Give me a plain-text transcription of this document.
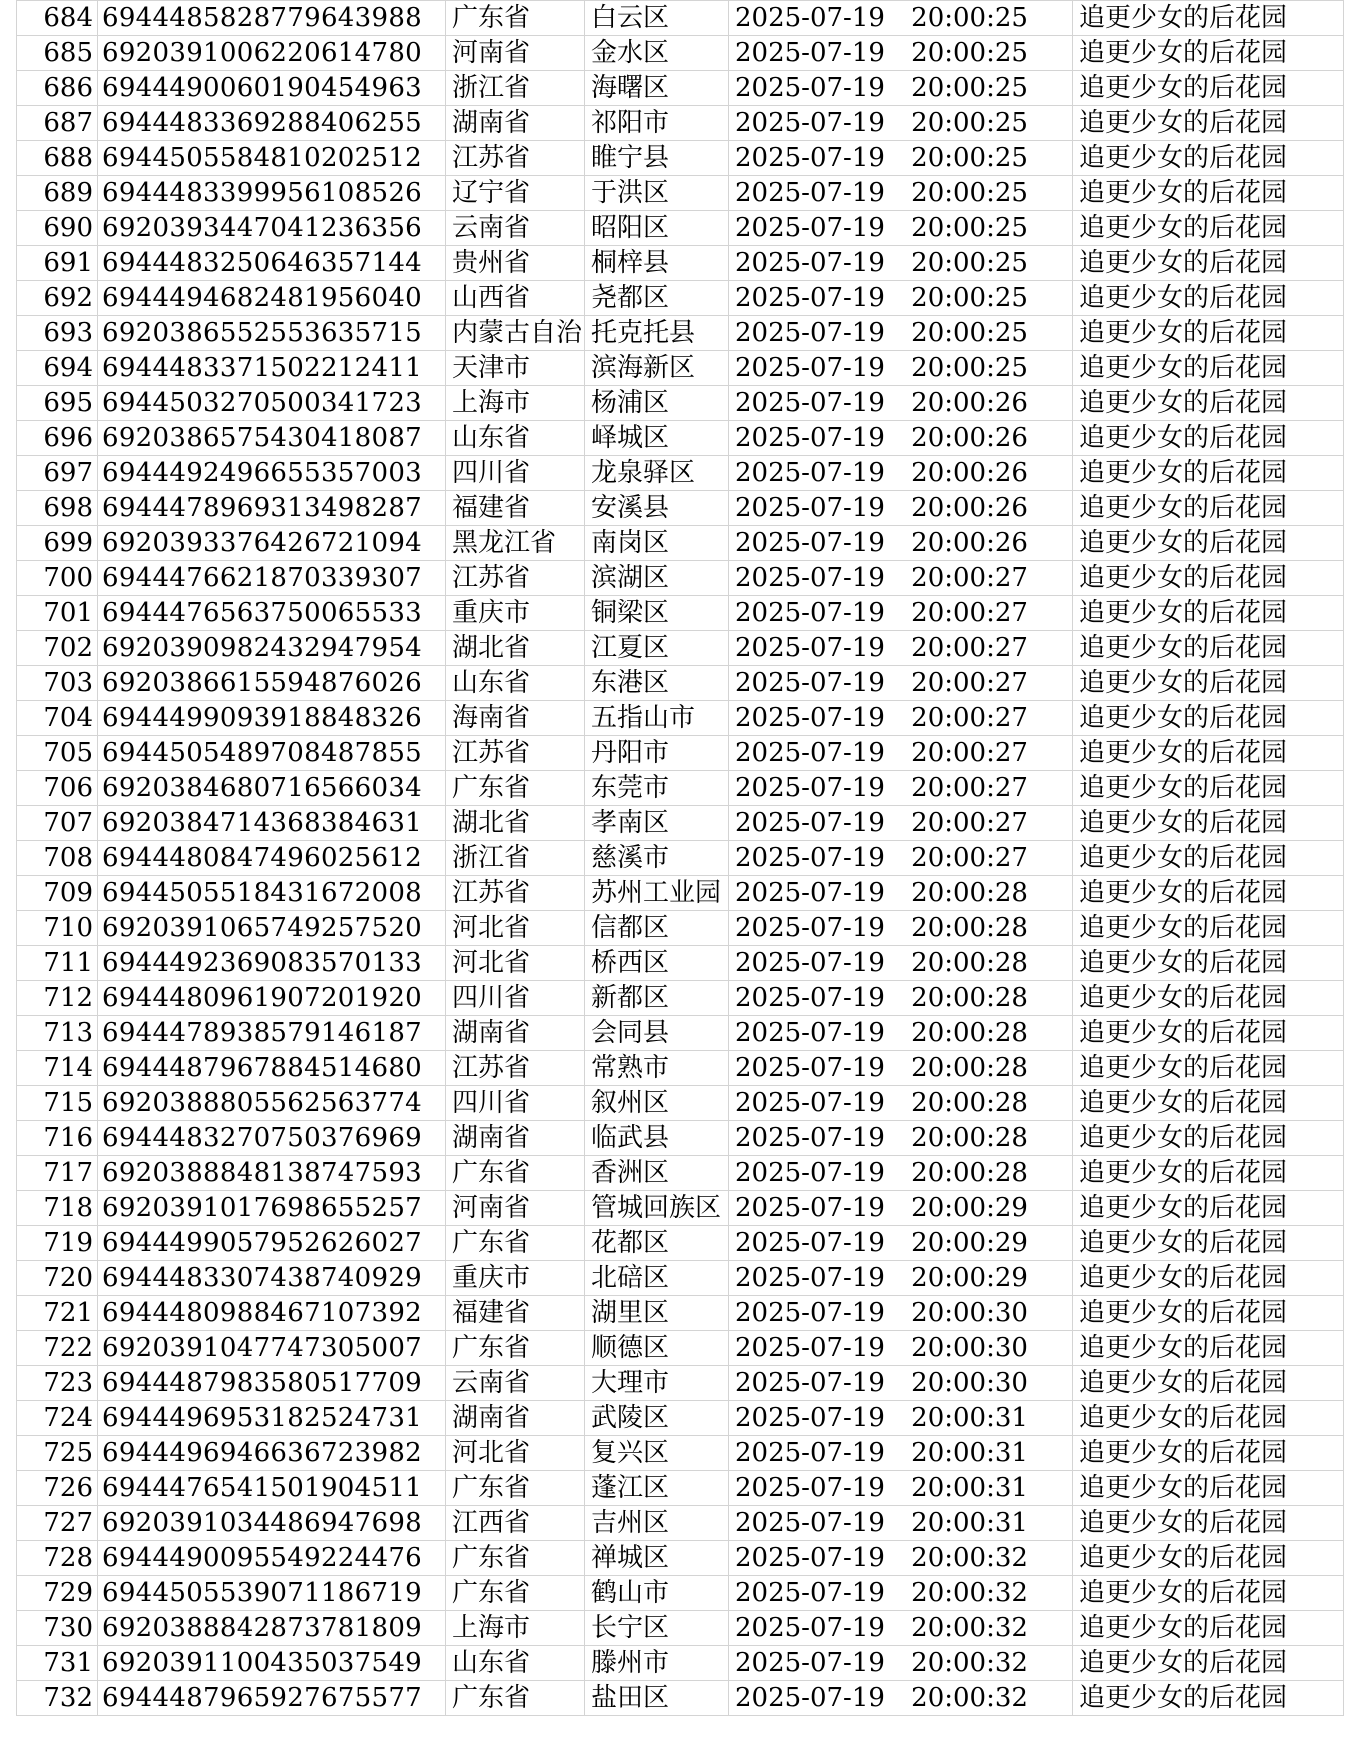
684 6944485828779643988	广东省	白云区	2025-07-19 20:00:25	追更少女的后花园
685 6920391006220614780	河南省	金水区	2025-07-19 20:00:25	追更少女的后花园
686 6944490060190454963	浙江省	海曙区	2025-07-19 20:00:25	追更少女的后花园
687 6944483369288406255	湖南省	祁阳市	2025-07-19 20:00:25	追更少女的后花园
688 6944505584810202512	江苏省	睢宁县	2025-07-19 20:00:25	追更少女的后花园
689 6944483399956108526	辽宁省	于洪区	2025-07-19 20:00:25	追更少女的后花园
690 6920393447041236356	云南省	昭阳区	2025-07-19 20:00:25	追更少女的后花园
691 6944483250646357144	贵州省	桐梓县	2025-07-19 20:00:25	追更少女的后花园
692 6944494682481956040	山西省	尧都区	2025-07-19 20:00:25	追更少女的后花园
693 6920386552553635715	内蒙古自治 托克托县	2025-07-19 20:00:25	追更少女的后花园
694 6944483371502212411	天津市	滨海新区	2025-07-19 20:00:25	追更少女的后花园
695 6944503270500341723	上海市	杨浦区	2025-07-19 20:00:26	追更少女的后花园
696 6920386575430418087	山东省	峄城区	2025-07-19 20:00:26	追更少女的后花园
697 6944492496655357003	四川省	龙泉驿区	2025-07-19 20:00:26	追更少女的后花园
698 6944478969313498287	福建省	安溪县	2025-07-19 20:00:26	追更少女的后花园
699 6920393376426721094	黑龙江省	南岗区	2025-07-19 20:00:26	追更少女的后花园
700 6944476621870339307	江苏省	滨湖区	2025-07-19 20:00:27	追更少女的后花园
701 6944476563750065533	重庆市	铜梁区	2025-07-19 20:00:27	追更少女的后花园
702 6920390982432947954	湖北省	江夏区	2025-07-19 20:00:27	追更少女的后花园
703 6920386615594876026	山东省	东港区	2025-07-19 20:00:27	追更少女的后花园
704 6944499093918848326	海南省	五指山市	2025-07-19 20:00:27	追更少女的后花园
705 6944505489708487855	江苏省	丹阳市	2025-07-19 20:00:27	追更少女的后花园
706 6920384680716566034	广东省	东莞市	2025-07-19 20:00:27	追更少女的后花园
707 6920384714368384631	湖北省	孝南区	2025-07-19 20:00:27	追更少女的后花园
708 6944480847496025612	浙江省	慈溪市	2025-07-19 20:00:27	追更少女的后花园
709 6944505518431672008	江苏省	苏州工业园 2025-07-19 20:00:28	追更少女的后花园
710 6920391065749257520	河北省	信都区	2025-07-19 20:00:28	追更少女的后花园
711 6944492369083570133	河北省	桥西区	2025-07-19 20:00:28	追更少女的后花园
712 6944480961907201920	四川省	新都区	2025-07-19 20:00:28	追更少女的后花园
713 6944478938579146187	湖南省	会同县	2025-07-19 20:00:28	追更少女的后花园
714 6944487967884514680	江苏省	常熟市	2025-07-19 20:00:28	追更少女的后花园
715 6920388805562563774	四川省	叙州区	2025-07-19 20:00:28	追更少女的后花园
716 6944483270750376969	湖南省	临武县	2025-07-19 20:00:28	追更少女的后花园
717 6920388848138747593	广东省	香洲区	2025-07-19 20:00:28	追更少女的后花园
718 6920391017698655257	河南省	管城回族区 2025-07-19 20:00:29	追更少女的后花园
719 6944499057952626027	广东省	花都区	2025-07-19 20:00:29	追更少女的后花园
720 6944483307438740929	重庆市	北碚区	2025-07-19 20:00:29	追更少女的后花园
721 6944480988467107392	福建省	湖里区	2025-07-19 20:00:30	追更少女的后花园
722 6920391047747305007	广东省	顺德区	2025-07-19 20:00:30	追更少女的后花园
723 6944487983580517709	云南省	大理市	2025-07-19 20:00:30	追更少女的后花园
724 6944496953182524731	湖南省	武陵区	2025-07-19 20:00:31	追更少女的后花园
725 6944496946636723982	河北省	复兴区	2025-07-19 20:00:31	追更少女的后花园
726 6944476541501904511	广东省	蓬江区	2025-07-19 20:00:31	追更少女的后花园
727 6920391034486947698	江西省	吉州区	2025-07-19 20:00:31	追更少女的后花园
728 6944490095549224476	广东省	禅城区	2025-07-19 20:00:32	追更少女的后花园
729 6944505539071186719	广东省	鹤山市	2025-07-19 20:00:32	追更少女的后花园
730 6920388842873781809	上海市	长宁区	2025-07-19 20:00:32	追更少女的后花园
731 6920391100435037549	山东省	滕州市	2025-07-19 20:00:32	追更少女的后花园
732 6944487965927675577	广东省	盐田区	2025-07-19 20:00:32	追更少女的后花园
